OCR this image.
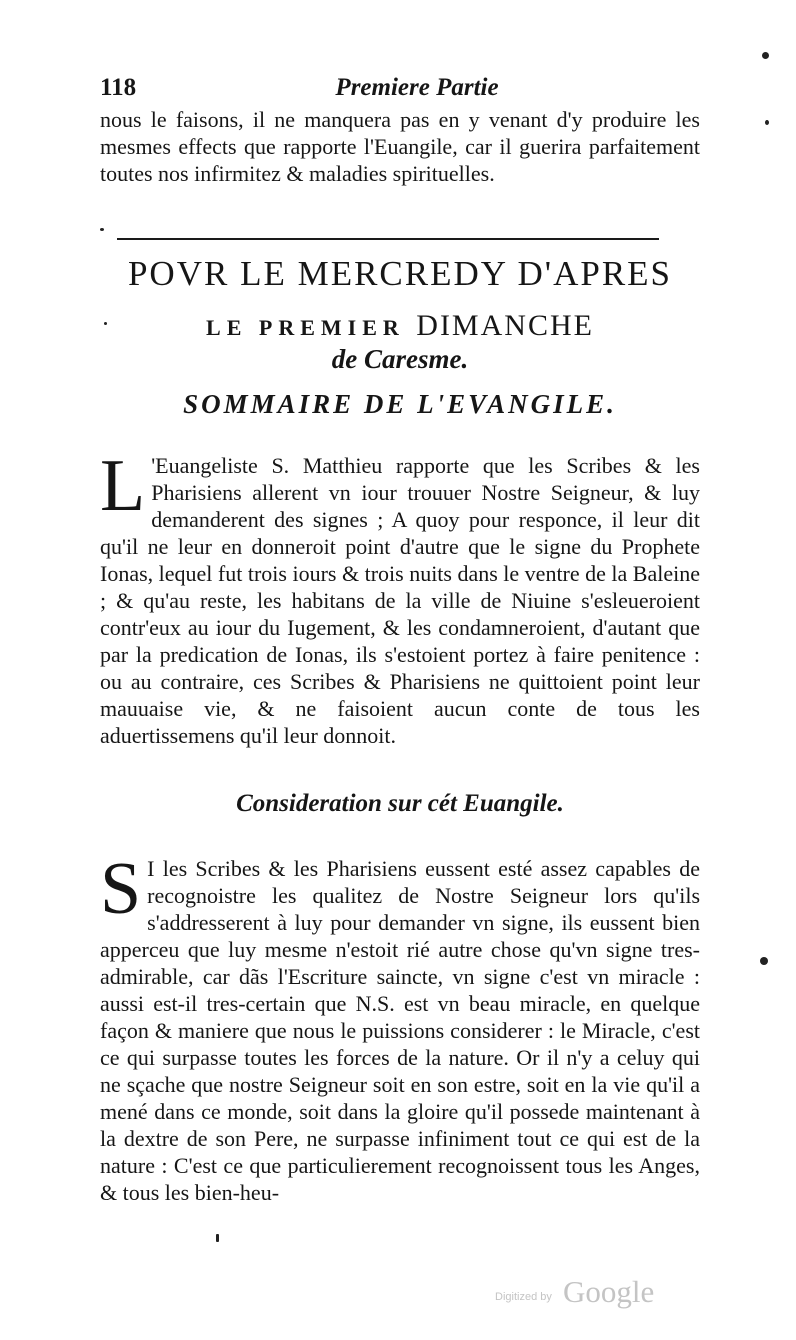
118	Premiere Partie

nous le faisons, il ne manquera pas en y venant d'y produire les mesmes effects que rapporte l'Euangile, car il guerira parfaitement toutes nos infirmitez & maladies spirituelles.

POVR LE MERCREDY D'APRES
LE PREMIER DIMANCHE
de Caresme.
SOMMAIRE DE L'EVANGILE.

L 'Euangeliste S. Matthieu rapporte que les Scribes & les Pharisiens allerent vn iour trouuer Nostre Seigneur, & luy demanderent des signes ; A quoy pour responce, il leur dit qu'il ne leur en donneroit point d'autre que le signe du Prophete Ionas, lequel fut trois iours & trois nuits dans le ventre de la Baleine ; & qu'au reste, les habitans de la ville de Niuine s'esleueroient contr'eux au iour du Iugement, & les condamneroient, d'autant que par la predication de Ionas, ils s'estoient portez à faire penitence : ou au contraire, ces Scribes & Pharisiens ne quittoient point leur mauuaise vie, & ne faisoient aucun conte de tous les aduertissemens qu'il leur donnoit.

Consideration sur cét Euangile.

S I les Scribes & les Pharisiens eussent esté assez capables de recognoistre les qualitez de Nostre Seigneur lors qu'ils s'addresserent à luy pour demander vn signe, ils eussent bien apperceu que luy mesme n'estoit rié autre chose qu'vn signe tres-admirable, car dãs l'Escriture saincte, vn signe c'est vn miracle : aussi est-il tres-certain que N.S. est vn beau miracle, en quelque façon & maniere que nous le puissions considerer : le Miracle, c'est ce qui surpasse toutes les forces de la nature. Or il n'y a celuy qui ne sçache que nostre Seigneur soit en son estre, soit en la vie qu'il a mené dans ce monde, soit dans la gloire qu'il possede maintenant à la dextre de son Pere, ne surpasse infiniment tout ce qui est de la nature : C'est ce que particulierement recognoissent tous les Anges, & tous les bien-heu-

Digitized by Google
